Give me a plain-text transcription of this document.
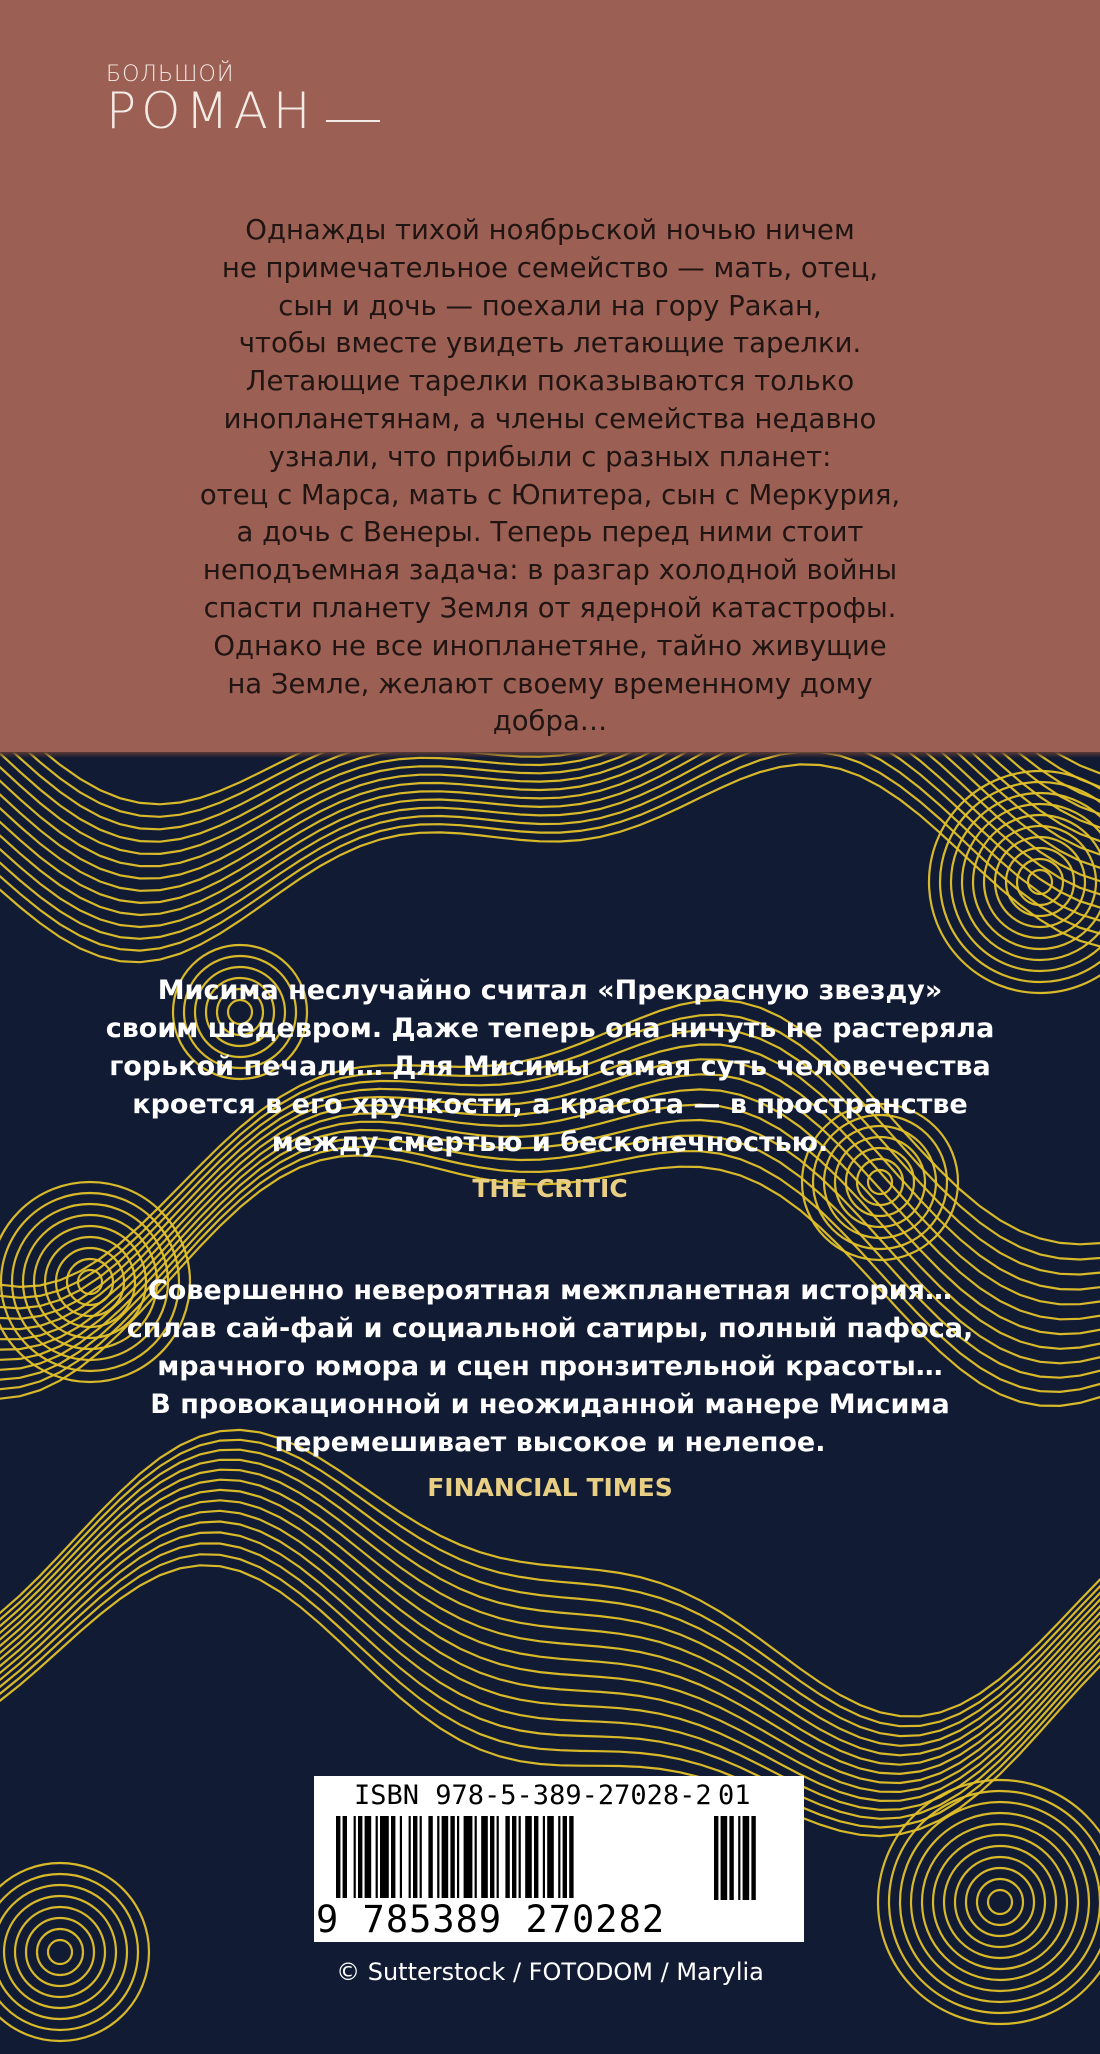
БОЛЬШОЙ
РОМАН
Однажды тихой ноябрьской ночью ничем
не примечательное семейство — мать, отец,
сын и дочь — поехали на гору Ракан,
чтобы вместе увидеть летающие тарелки.
Летающие тарелки показываются только
инопланетянам, а члены семейства недавно
узнали, что прибыли с разных планет:
отец с Марса, мать с Юпитера, сын с Меркурия,
а дочь с Венеры. Теперь перед ними стоит
неподъемная задача: в разгар холодной войны
спасти планету Земля от ядерной катастрофы.
Однако не все инопланетяне, тайно живущие
на Земле, желают своему временному дому
добра…
Мисима неслучайно считал «Прекрасную звезду»
своим шедевром. Даже теперь она ничуть не растеряла
горькой печали… Для Мисимы самая суть человечества
кроется в его хрупкости, а красота — в пространстве
между смертью и бесконечностью.
THE CRITIC
Совершенно невероятная межпланетная история…
сплав сай-фай и социальной сатиры, полный пафоса,
мрачного юмора и сцен пронзительной красоты…
В провокационной и неожиданной манере Мисима
перемешивает высокое и нелепое.
FINANCIAL TIMES
ISBN 978-5-389-27028-2 01
9 785389 270282
© Sutterstock / FOTODOM / Marylia
